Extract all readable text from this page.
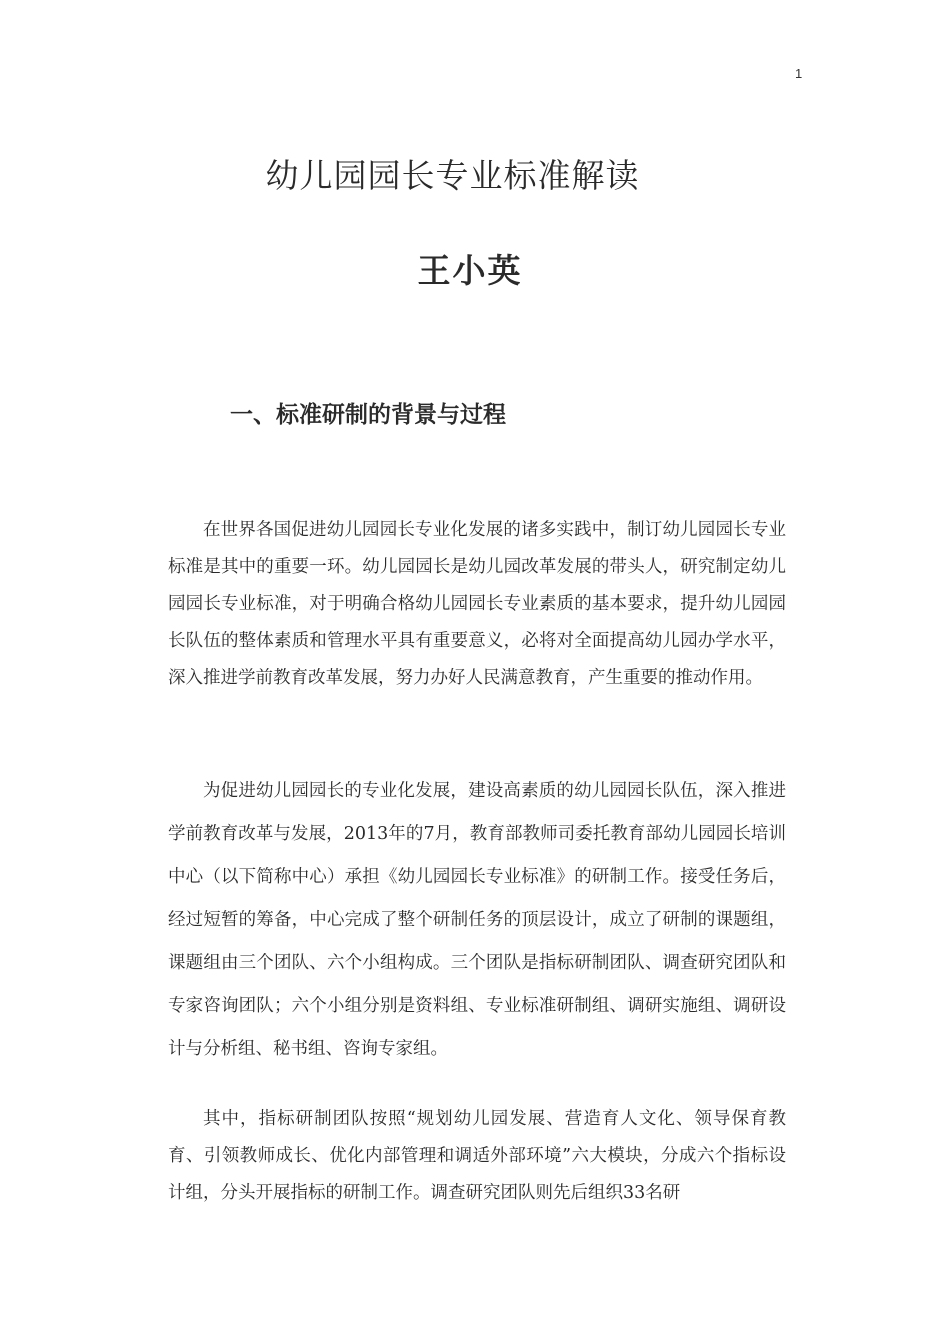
1
幼儿园园长专业标准解读
王小英
一、标准研制的背景与过程

在世界各国促进幼儿园园长专业化发展的诸多实践中，制订幼儿园园长专业标准是其中的重要一环。幼儿园园长是幼儿园改革发展的带头人，研究制定幼儿园园长专业标准，对于明确合格幼儿园园长专业素质的基本要求，提升幼儿园园长队伍的整体素质和管理水平具有重要意义，必将对全面提高幼儿园办学水平，深入推进学前教育改革发展，努力办好人民满意教育，产生重要的推动作用。

为促进幼儿园园长的专业化发展，建设高素质的幼儿园园长队伍，深入推进学前教育改革与发展，2013年的7月，教育部教师司委托教育部幼儿园园长培训中心（以下简称中心）承担《幼儿园园长专业标准》的研制工作。接受任务后，经过短暂的筹备，中心完成了整个研制任务的顶层设计，成立了研制的课题组，课题组由三个团队、六个小组构成。三个团队是指标研制团队、调查研究团队和专家咨询团队；六个小组分别是资料组、专业标准研制组、调研实施组、调研设计与分析组、秘书组、咨询专家组。

其中，指标研制团队按照“规划幼儿园发展、营造育人文化、领导保育教育、引领教师成长、优化内部管理和调适外部环境”六大模块，分成六个指标设计组，分头开展指标的研制工作。调查研究团队则先后组织33名研
